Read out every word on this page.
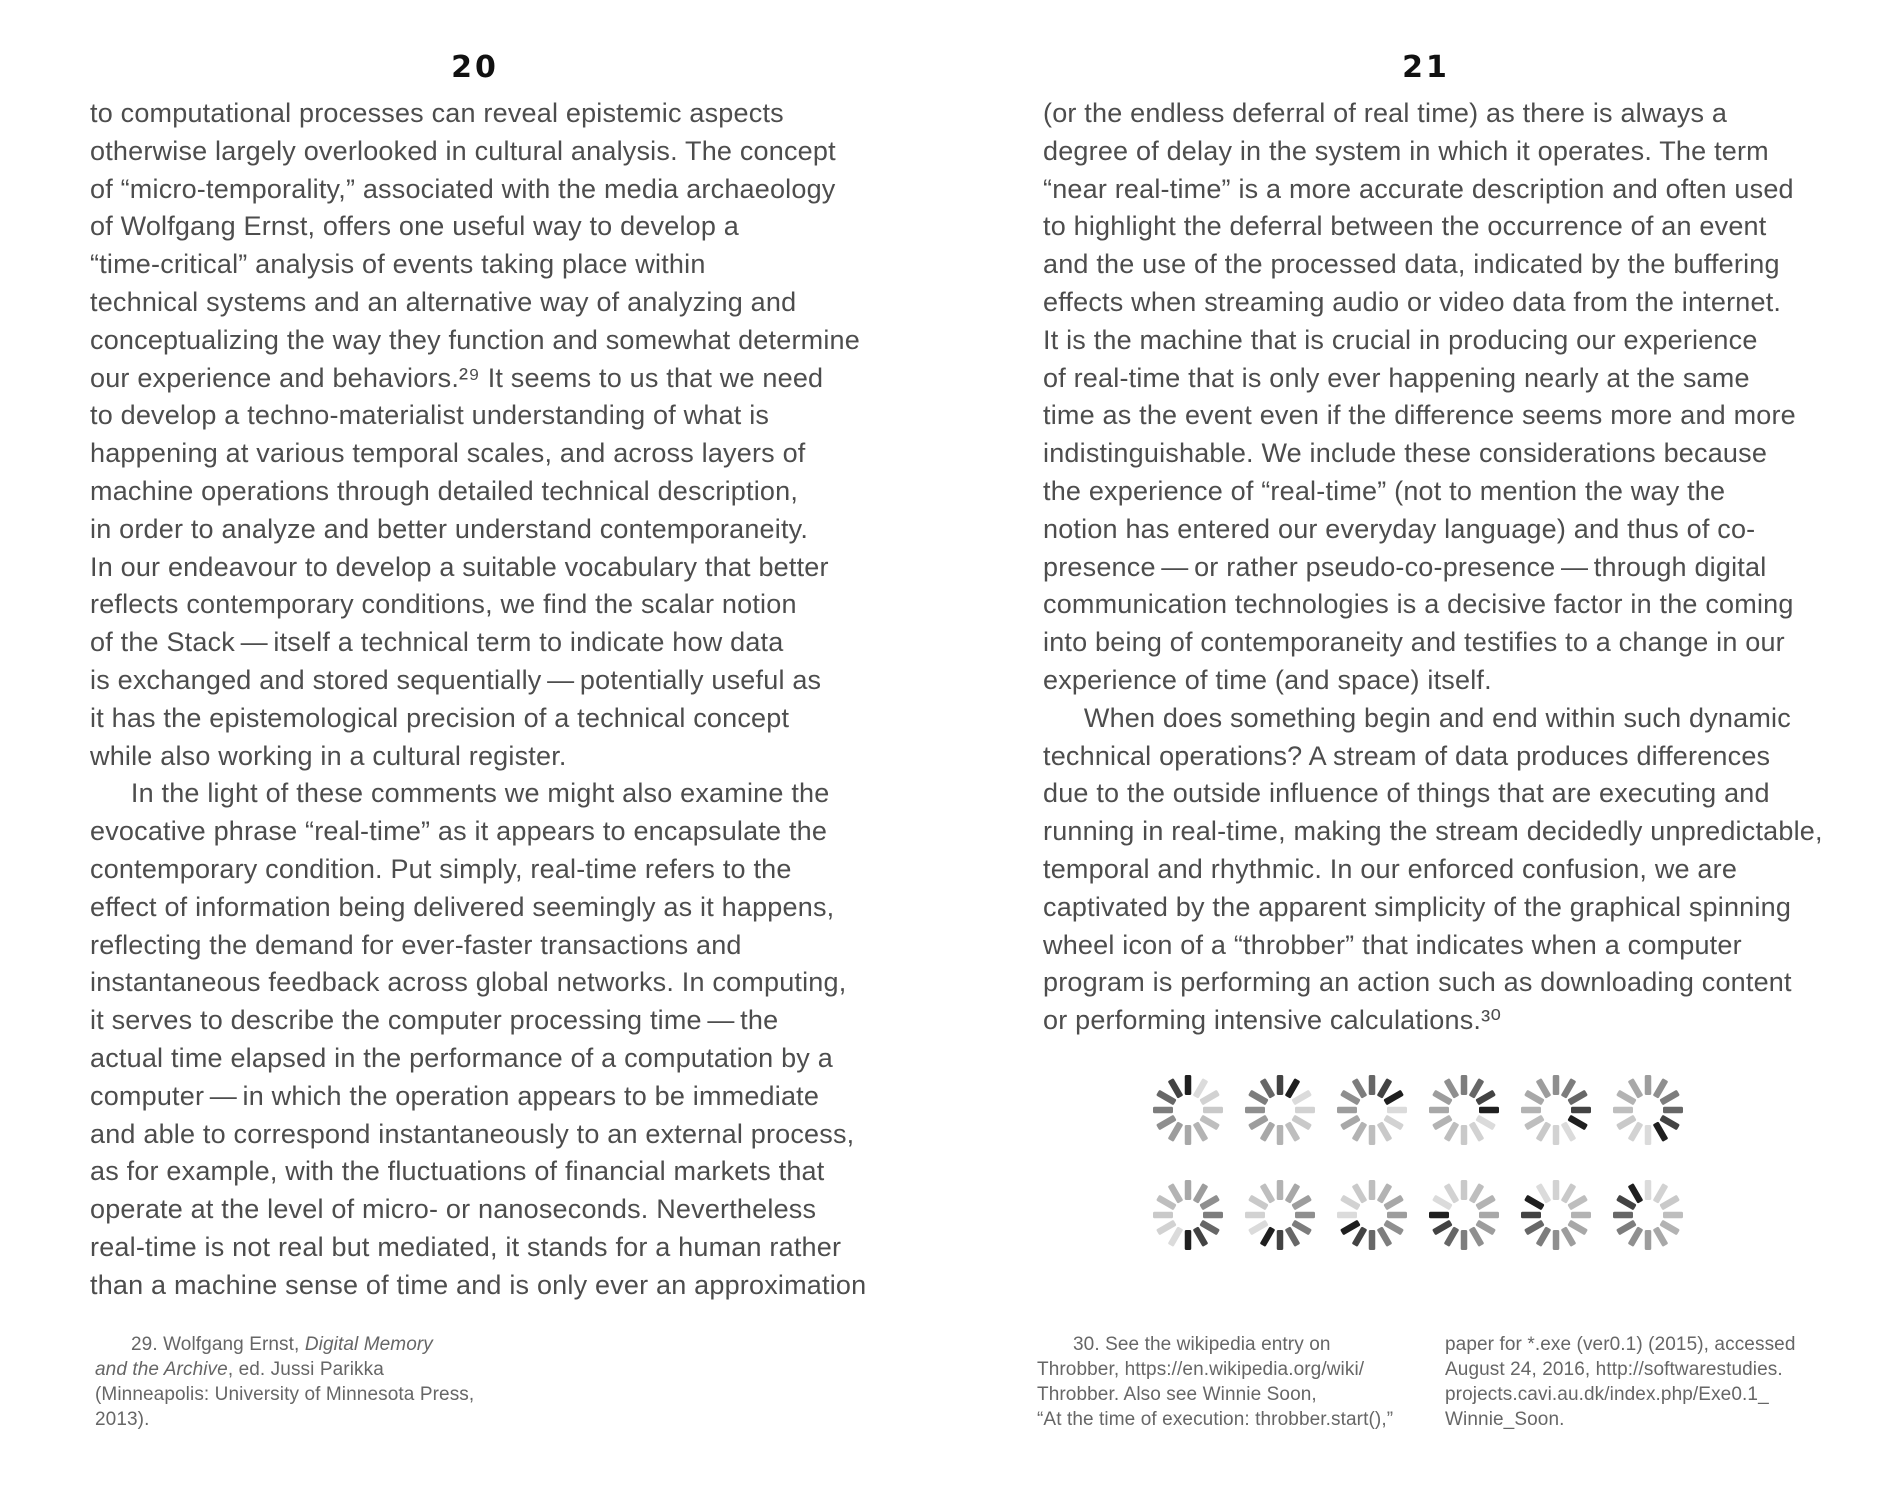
20
to computational processes can reveal epistemic aspects
otherwise largely overlooked in cultural analysis. The concept
of “micro-temporality,” associated with the media archaeology
of Wolfgang Ernst, offers one useful way to develop a
“time-critical” analysis of events taking place within
technical systems and an alternative way of analyzing and
conceptualizing the way they function and somewhat determine
our experience and behaviors.²⁹ It seems to us that we need
to develop a techno-materialist understanding of what is
happening at various temporal scales, and across layers of
machine operations through detailed technical description,
in order to analyze and better understand contemporaneity.
In our endeavour to develop a suitable vocabulary that better
reflects contemporary conditions, we find the scalar notion
of the Stack — itself a technical term to indicate how data
is exchanged and stored sequentially — potentially useful as
it has the epistemological precision of a technical concept
while also working in a cultural register.
  In the light of these comments we might also examine the
evocative phrase “real-time” as it appears to encapsulate the
contemporary condition. Put simply, real-time refers to the
effect of information being delivered seemingly as it happens,
reflecting the demand for ever-faster transactions and
instantaneous feedback across global networks. In computing,
it serves to describe the computer processing time — the
actual time elapsed in the performance of a computation by a
computer — in which the operation appears to be immediate
and able to correspond instantaneously to an external process,
as for example, with the fluctuations of financial markets that
operate at the level of micro- or nanoseconds. Nevertheless
real-time is not real but mediated, it stands for a human rather
than a machine sense of time and is only ever an approximation
29. Wolfgang Ernst, Digital Memory
and the Archive, ed. Jussi Parikka
(Minneapolis: University of Minnesota Press,
2013).
21
(or the endless deferral of real time) as there is always a
degree of delay in the system in which it operates. The term
“near real-time” is a more accurate description and often used
to highlight the deferral between the occurrence of an event
and the use of the processed data, indicated by the buffering
effects when streaming audio or video data from the internet.
It is the machine that is crucial in producing our experience
of real-time that is only ever happening nearly at the same
time as the event even if the difference seems more and more
indistinguishable. We include these considerations because
the experience of “real-time” (not to mention the way the
notion has entered our everyday language) and thus of co-
presence — or rather pseudo-co-presence — through digital
communication technologies is a decisive factor in the coming
into being of contemporaneity and testifies to a change in our
experience of time (and space) itself.
  When does something begin and end within such dynamic
technical operations? A stream of data produces differences
due to the outside influence of things that are executing and
running in real-time, making the stream decidedly unpredictable,
temporal and rhythmic. In our enforced confusion, we are
captivated by the apparent simplicity of the graphical spinning
wheel icon of a “throbber” that indicates when a computer
program is performing an action such as downloading content
or performing intensive calculations.³⁰
30. See the wikipedia entry on
Throbber, https://en.wikipedia.org/wiki/
Throbber. Also see Winnie Soon,
“At the time of execution: throbber.start(),”
paper for *.exe (ver0.1) (2015), accessed
August 24, 2016, http://softwarestudies.
projects.cavi.au.dk/index.php/Exe0.1_
Winnie_Soon.
